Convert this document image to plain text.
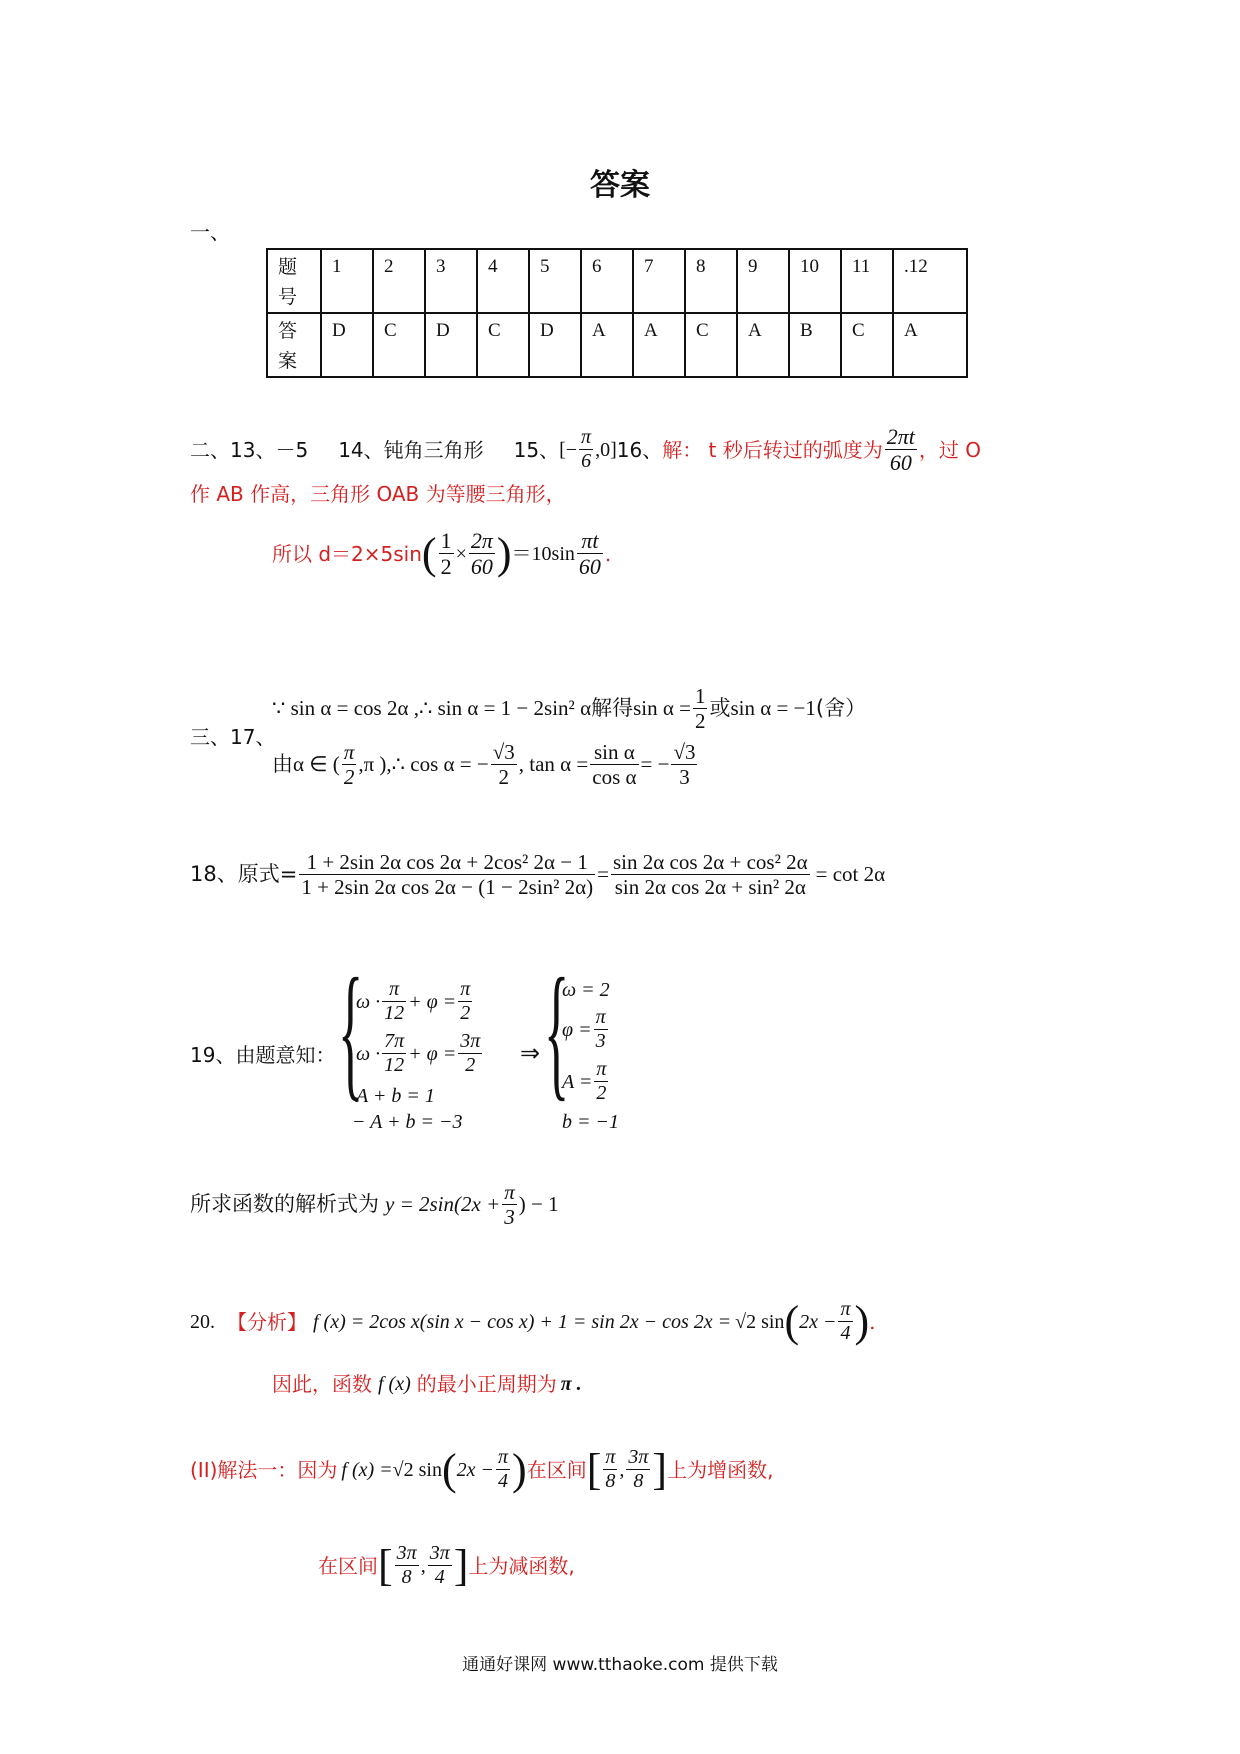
答案
一、
题号	1	2	3	4	5	6	7	8	9	10	11	.12
答案	D	C	D	C	D	A	A	C	A	B	C	A
二、13、 －5 14、钝角三角形 15、 [− $\frac{\pi}{6} ,0$] 16、 解： t 秒后转过的弧度为 $\frac{2\pi t}{60}$ ，过 O
作 AB 作高，三角形 OAB 为等腰三角形，
所以 d＝2×5sin ( $\frac{1}{2} \times \frac{2\pi}{60}$ ) $=10\sin \frac{\pi t}{60}$ .
三、17、
∵ sin α = cos 2α ,∴ sin α = 1 − 2sin² α 解得 $\sin \alpha = \frac{1}{2}$ 或 sin α = −1 (舍）
由 α ∈ ( $\frac{\pi}{2} ,\pi$ ),∴ cos α = − $\frac{√3}{2}$ , $\tan \alpha = \frac{\text{sin α}}{\text{cos α}}$ = − $\frac{√3}{3}$
18、原式= $\frac{\text{1 + 2sin 2α cos 2α + 2cos² 2α − 1}}{\text{1 + 2sin 2α cos 2α − (1 − 2sin² 2α)}} = \frac{\text{sin 2α cos 2α + cos² 2α}}{\text{sin 2α cos 2α + sin² 2α}} = \cot 2\alpha$
19、由题意知： {
$\omega \cdot \frac{\pi}{12} + \varphi = \frac{\pi}{2}$
$\omega \cdot \frac{7\pi}{12} + \varphi = \frac{3\pi}{2}$
A + b = 1
− A + b = −3
⇒ {
ω = 2
$\varphi = \frac{\pi}{3}$
$A = \frac{\pi}{2}$
b = −1
所求函数的解析式为 $y = 2\sin(2x + \frac{\pi}{3}$ ) − 1
20. 【分析】 f (x) = 2cos x(sin x − cos x) + 1 = sin 2x − cos 2x = √2 sin ( $2x - \frac{\pi}{4}$ ) .
因此，函数 f (x) 的最小正周期为 π .
(II)解法一：因为 f (x) = √2 sin ( $2x - \frac{\pi}{4}$ ) 在区间 [ $\frac{\pi}{8}$ , $\frac{3\pi}{8}$ ] 上为增函数,
在区间 [ $\frac{3\pi}{8}$ , $\frac{3\pi}{4}$ ] 上为减函数,
通通好课网 www.tthaoke.com 提供下载
